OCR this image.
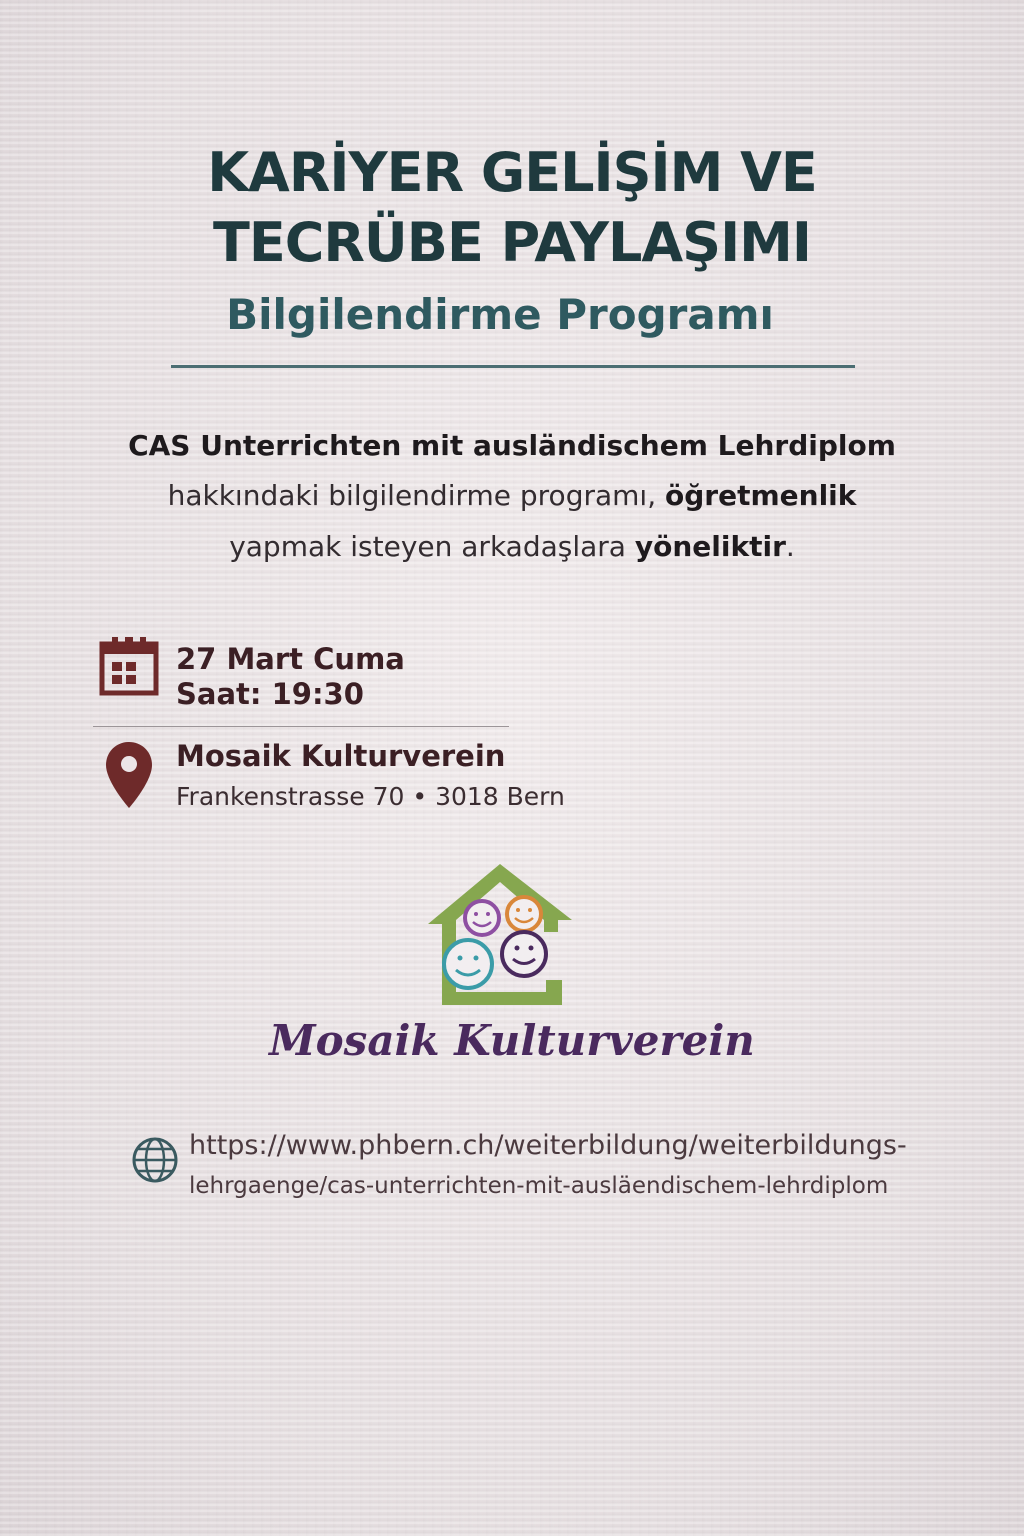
KARİYER GELİŞİM VE
TECRÜBE PAYLAŞIMI
Bilgilendirme Programı
CAS Unterrichten mit ausländischem Lehrdiplom
hakkındaki bilgilendirme programı, öğretmenlik
yapmak isteyen arkadaşlara yöneliktir.
27 Mart Cuma
Saat: 19:30
Mosaik Kulturverein
Frankenstrasse 70 • 3018 Bern
Mosaik Kulturverein
https://www.phbern.ch/weiterbildung/weiterbildungs-
lehrgaenge/cas-unterrichten-mit-ausläendischem-lehrdiplom
